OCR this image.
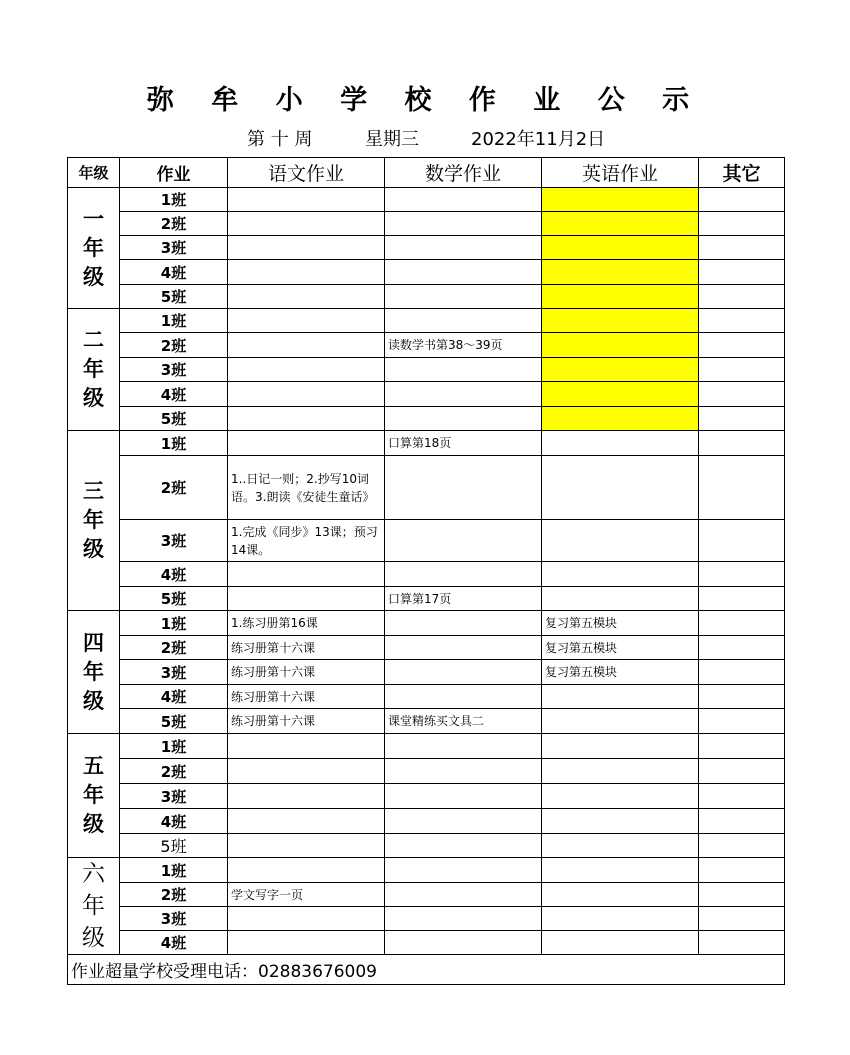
弥 牟 小 学 校 作 业 公 示
第 十 周	星期三	2022年11月2日
年级	作业	语文作业	数学作业	英语作业	其它

一
年
级	1班				
	2班				
	3班				
	4班				
	5班				

二
年
级	1班				
	2班		读数学书第38～39页		
	3班				
	4班				
	5班				

三
年
级	1班		口算第18页		
	2班	1..日记一则；2.抄写10词语。3.朗读《安徒生童话》			
	3班	1.完成《同步》13课；预习14课。			
	4班				
	5班		口算第17页		

四
年
级	1班	1.练习册第16课		复习第五模块	
	2班	练习册第十六课		复习第五模块	
	3班	练习册第十六课		复习第五模块	
	4班	练习册第十六课			
	5班	练习册第十六课	课堂精练买文具二		

五
年
级	1班				
	2班				
	3班				
	4班				
	5班				

六
年
级	1班				
	2班	学文写字一页			
	3班				
	4班				
作业超量学校受理电话：02883676009					
